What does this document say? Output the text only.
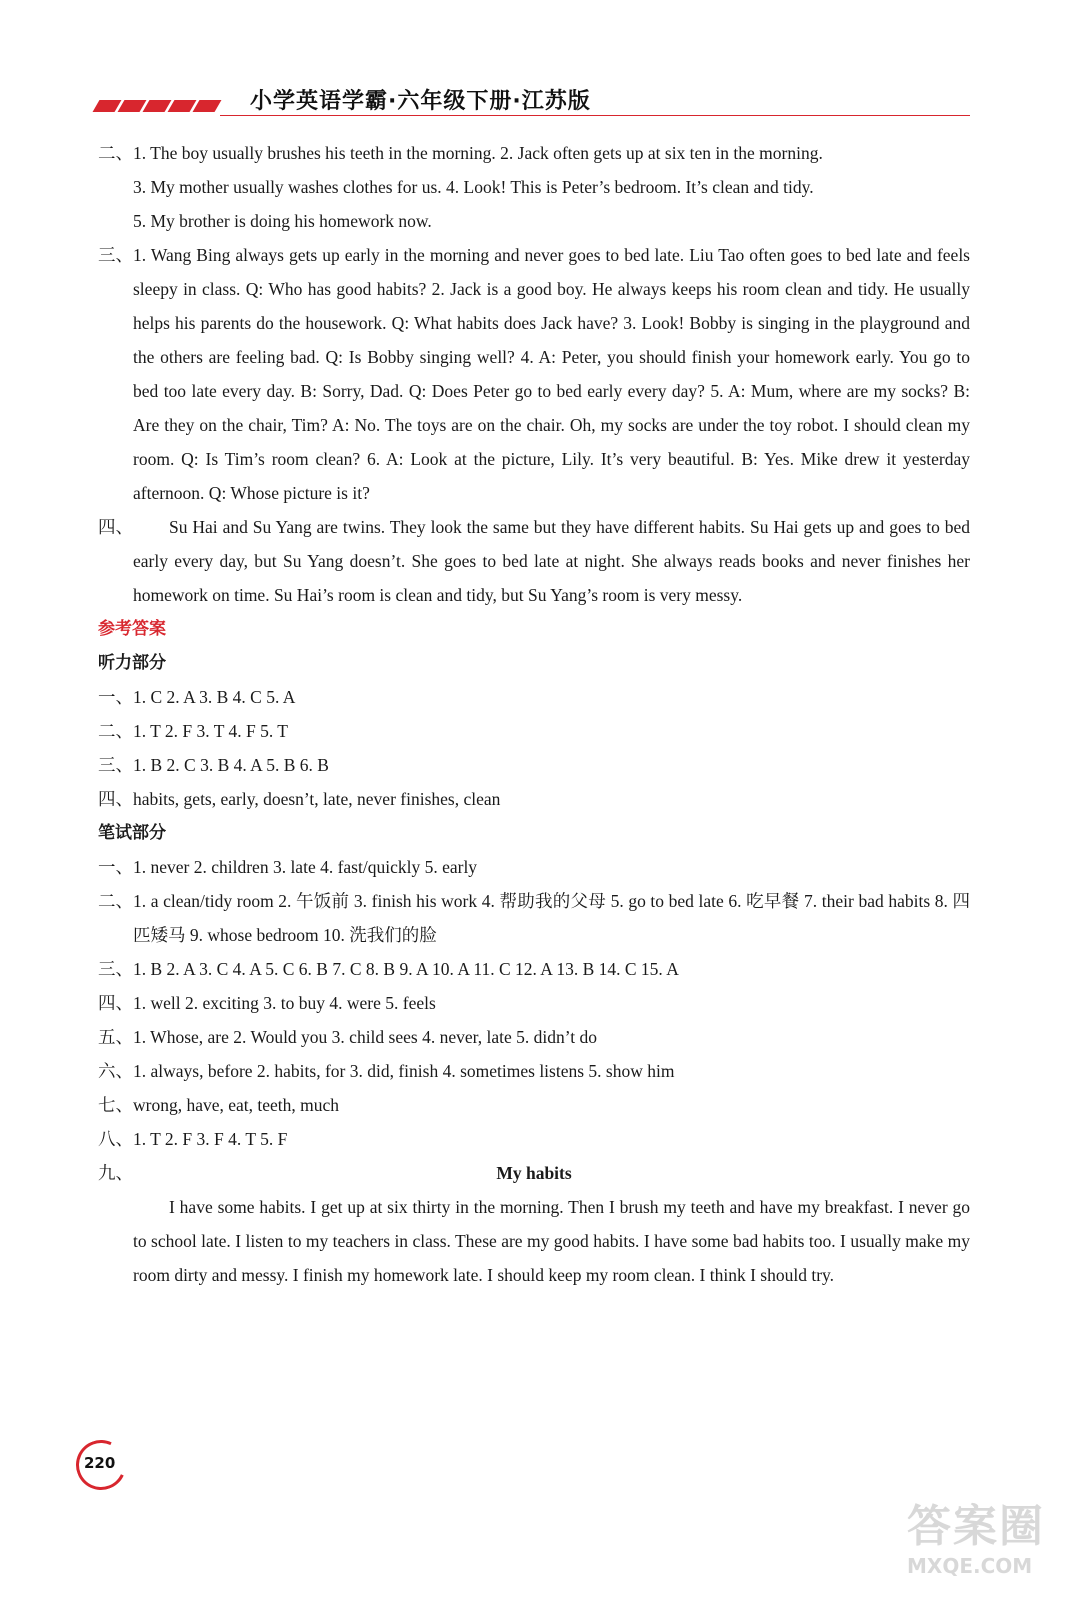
小学英语学霸·六年级下册·江苏版
二、 1. The boy usually brushes his teeth in the morning. 2. Jack often gets up at six ten in the morning.
3. My mother usually washes clothes for us. 4. Look! This is Peter’s bedroom. It’s clean and tidy.
5. My brother is doing his homework now.
三、 1. Wang Bing always gets up early in the morning and never goes to bed late. Liu Tao often goes to bed late and feels sleepy in class. Q: Who has good habits? 2. Jack is a good boy. He always keeps his room clean and tidy. He usually helps his parents do the housework. Q: What habits does Jack have? 3. Look! Bobby is singing in the playground and the others are feeling bad. Q: Is Bobby singing well? 4. A: Peter, you should finish your homework early. You go to bed too late every day. B: Sorry, Dad. Q: Does Peter go to bed early every day? 5. A: Mum, where are my socks? B: Are they on the chair, Tim? A: No. The toys are on the chair. Oh, my socks are under the toy robot. I should clean my room. Q: Is Tim’s room clean? 6. A: Look at the picture, Lily. It’s very beautiful. B: Yes. Mike drew it yesterday afternoon. Q: Whose picture is it?
四、	Su Hai and Su Yang are twins. They look the same but they have different habits. Su Hai gets up and goes to bed early every day, but Su Yang doesn’t. She goes to bed late at night. She always reads books and never finishes her homework on time. Su Hai’s room is clean and tidy, but Su Yang’s room is very messy.
参考答案
听力部分
一、 1. C 2. A 3. B 4. C 5. A
二、 1. T 2. F 3. T 4. F 5. T
三、 1. B 2. C 3. B 4. A 5. B 6. B
四、 habits, gets, early, doesn’t, late, never finishes, clean
笔试部分
一、 1. never 2. children 3. late 4. fast/quickly 5. early
二、 1. a clean/tidy room 2. 午饭前 3. finish his work 4. 帮助我的父母 5. go to bed late 6. 吃早餐 7. their bad habits 8. 四匹矮马 9. whose bedroom 10. 洗我们的脸
三、 1. B 2. A 3. C 4. A 5. C 6. B 7. C 8. B 9. A 10. A 11. C 12. A 13. B 14. C 15. A
四、 1. well 2. exciting 3. to buy 4. were 5. feels
五、 1. Whose, are 2. Would you 3. child sees 4. never, late 5. didn’t do
六、 1. always, before 2. habits, for 3. did, finish 4. sometimes listens 5. show him
七、 wrong, have, eat, teeth, much
八、 1. T 2. F 3. F 4. T 5. F
九、	My habits
I have some habits. I get up at six thirty in the morning. Then I brush my teeth and have my breakfast. I never go to school late. I listen to my teachers in class. These are my good habits. I have some bad habits too. I usually make my room dirty and messy. I finish my homework late. I should keep my room clean. I think I should try.
220
答案圈
MXQE.COM
